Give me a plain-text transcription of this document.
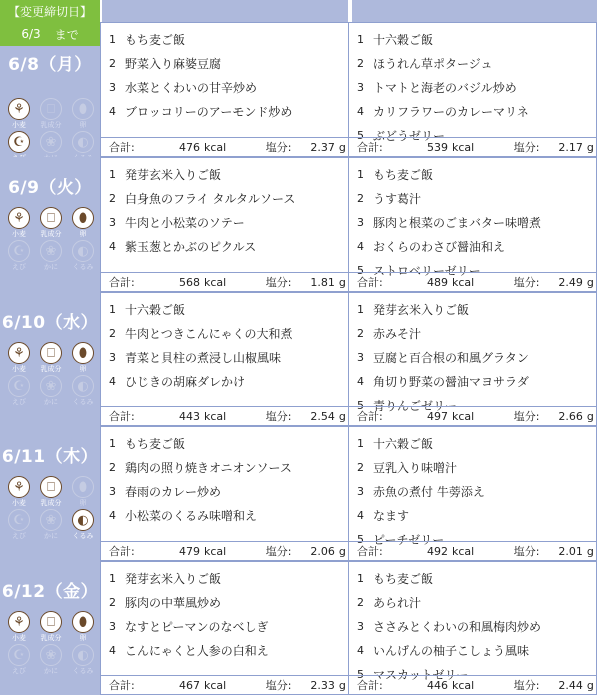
【変更締切日】
6/3 まで
6/8（月）
⚘
小麦
⎕
乳成分
⬮
卵
☪	❀	◐
1 もち麦ご飯
2 野菜入り麻婆豆腐
3 水菜とくわいの甘辛炒め
4 ブロッコリーのアーモンド炒め
合計:	476 kcal	塩分:	2.37 g
1 十六穀ご飯
2 ほうれん草ポタージュ
3 トマトと海老のバジル炒め
4 カリフラワーのカレーマリネ
5 ぶどうゼリー
合計:	539 kcal	塩分:	2.17 g
6/9（火）
⚘
小麦
⎕
乳成分
⬮
卵
☪
えび
❀
かに
◐
くるみ
1 発芽玄米入りご飯
2 白身魚のフライ タルタルソース
3 牛肉と小松菜のソテー
4 紫玉葱とかぶのピクルス
合計:	568 kcal	塩分:	1.81 g
1 もち麦ご飯
2 うす葛汁
3 豚肉と根菜のごまバター味噌煮
4 おくらのわさび醤油和え
5 ストロベリーゼリー
合計:	489 kcal	塩分:	2.49 g
6/10（水）
⚘
小麦
⎕
乳成分
⬮
卵
☪
えび
❀
かに
◐
くるみ
1 十六穀ご飯
2 牛肉とつきこんにゃくの大和煮
3 青菜と貝柱の煮浸し山椒風味
4 ひじきの胡麻ダレかけ
合計:	443 kcal	塩分:	2.54 g
1 発芽玄米入りご飯
2 赤みそ汁
3 豆腐と百合根の和風グラタン
4 角切り野菜の醤油マヨサラダ
5 青りんごゼリー
合計:	497 kcal	塩分:	2.66 g
6/11（木）
⚘
小麦
⎕
乳成分
⬮
卵
☪
えび
❀
かに
◐
くるみ
1 もち麦ご飯
2 鶏肉の照り焼きオニオンソース
3 春雨のカレー炒め
4 小松菜のくるみ味噌和え
合計:	479 kcal	塩分:	2.06 g
1 十六穀ご飯
2 豆乳入り味噌汁
3 赤魚の煮付 牛蒡添え
4 なます
5 ピーチゼリー
合計:	492 kcal	塩分:	2.01 g
6/12（金）
⚘
小麦
⎕
乳成分
⬮
卵
☪
えび
❀
かに
◐
くるみ
1 発芽玄米入りご飯
2 豚肉の中華風炒め
3 なすとピーマンのなべしぎ
4 こんにゃくと人参の白和え
合計:	467 kcal	塩分:	2.33 g
1 もち麦ご飯
2 あられ汁
3 ささみとくわいの和風梅肉炒め
4 いんげんの柚子こしょう風味
5 マスカットゼリー
合計:	446 kcal	塩分:	2.44 g
